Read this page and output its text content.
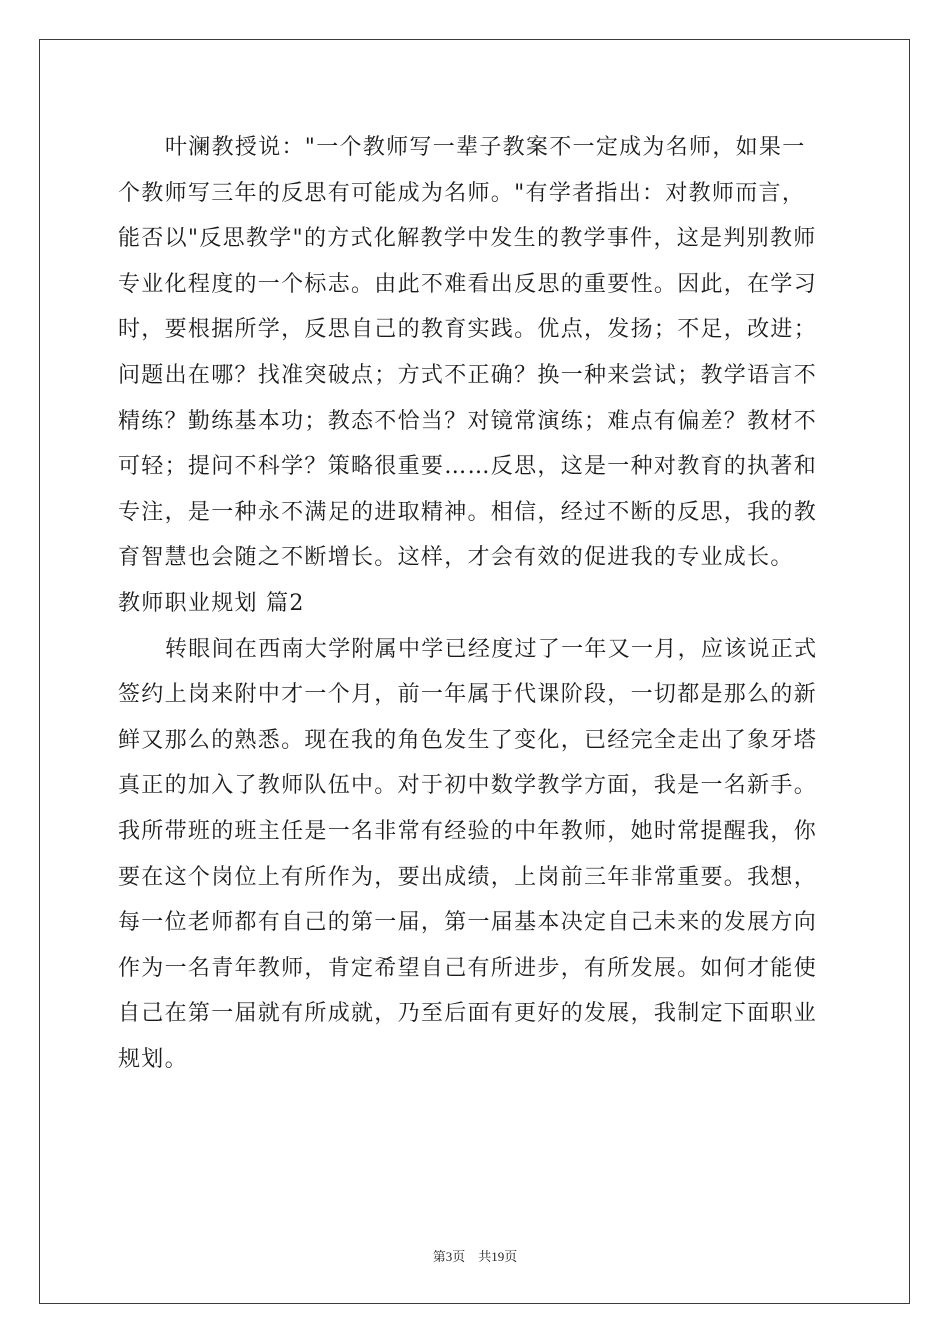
叶澜教授说："一个教师写一辈子教案不一定成为名师，如果一
个教师写三年的反思有可能成为名师。"有学者指出：对教师而言，
能否以"反思教学"的方式化解教学中发生的教学事件，这是判别教师
专业化程度的一个标志。由此不难看出反思的重要性。因此，在学习
时，要根据所学，反思自己的教育实践。优点，发扬；不足，改进；
问题出在哪？找准突破点；方式不正确？换一种来尝试；教学语言不
精练？勤练基本功；教态不恰当？对镜常演练；难点有偏差？教材不
可轻；提问不科学？策略很重要……反思，这是一种对教育的执著和
专注，是一种永不满足的进取精神。相信，经过不断的反思，我的教
育智慧也会随之不断增长。这样，才会有效的促进我的专业成长。
教师职业规划 篇2
转眼间在西南大学附属中学已经度过了一年又一月，应该说正式
签约上岗来附中才一个月，前一年属于代课阶段，一切都是那么的新
鲜又那么的熟悉。现在我的角色发生了变化，已经完全走出了象牙塔
真正的加入了教师队伍中。对于初中数学教学方面，我是一名新手。
我所带班的班主任是一名非常有经验的中年教师，她时常提醒我，你
要在这个岗位上有所作为，要出成绩，上岗前三年非常重要。我想，
每一位老师都有自己的第一届，第一届基本决定自己未来的发展方向
作为一名青年教师，肯定希望自己有所进步，有所发展。如何才能使
自己在第一届就有所成就，乃至后面有更好的发展，我制定下面职业
规划。
第3页　共19页
